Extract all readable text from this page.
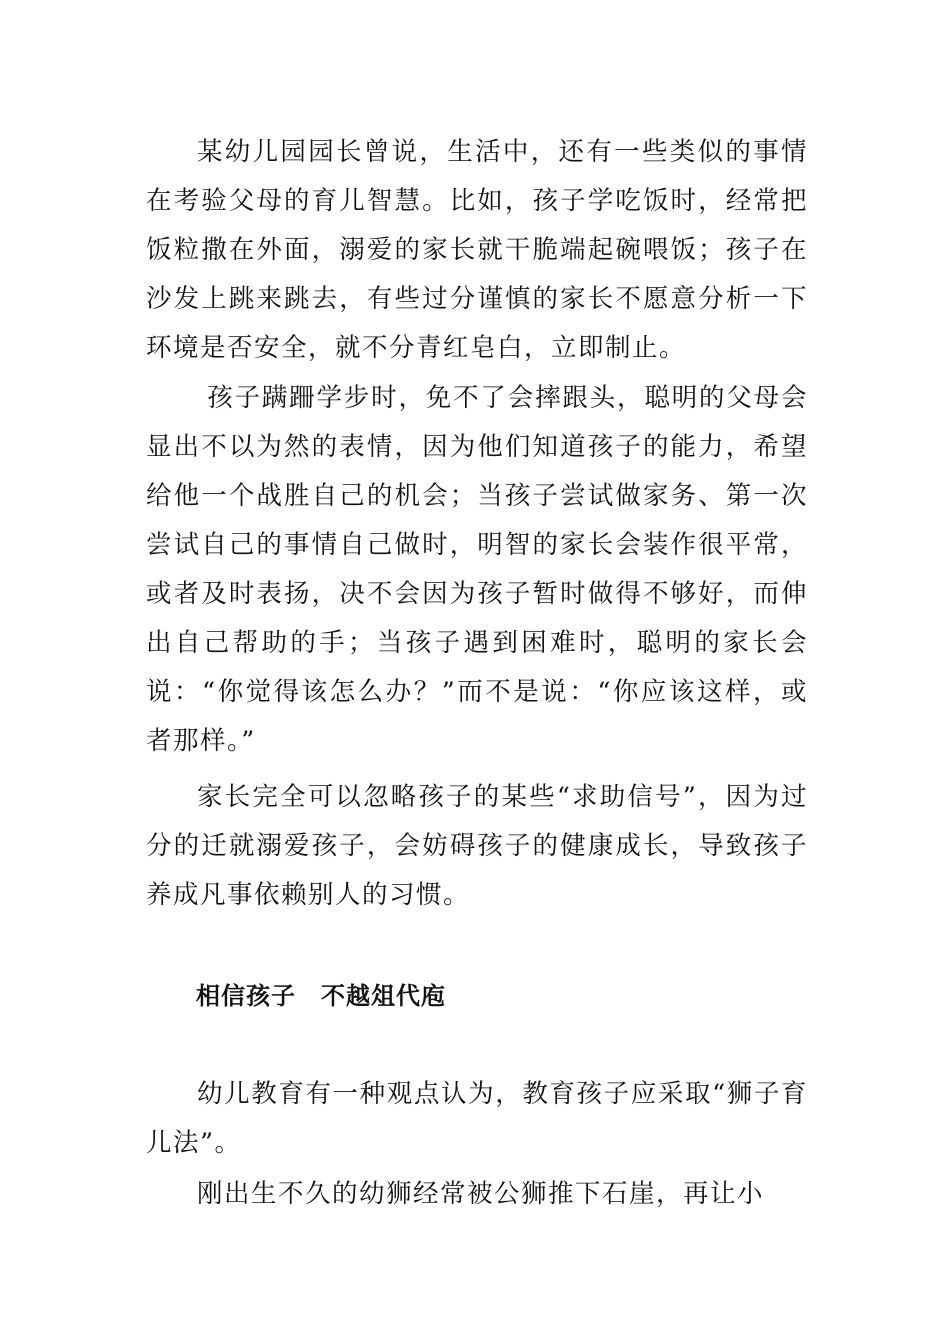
某幼儿园园长曾说，生活中，还有一些类似的事情在考验父母的育儿智慧。比如，孩子学吃饭时，经常把饭粒撒在外面，溺爱的家长就干脆端起碗喂饭；孩子在沙发上跳来跳去，有些过分谨慎的家长不愿意分析一下环境是否安全，就不分青红皂白，立即制止。

孩子蹒跚学步时，免不了会摔跟头，聪明的父母会显出不以为然的表情，因为他们知道孩子的能力，希望给他一个战胜自己的机会；当孩子尝试做家务、第一次尝试自己的事情自己做时，明智的家长会装作很平常，或者及时表扬，决不会因为孩子暂时做得不够好，而伸出自己帮助的手；当孩子遇到困难时，聪明的家长会说：“你觉得该怎么办？”而不是说：“你应该这样，或者那样。”

家长完全可以忽略孩子的某些“求助信号”，因为过分的迁就溺爱孩子，会妨碍孩子的健康成长，导致孩子养成凡事依赖别人的习惯。

相信孩子　不越俎代庖

幼儿教育有一种观点认为，教育孩子应采取“狮子育儿法”。

刚出生不久的幼狮经常被公狮推下石崖，再让小
